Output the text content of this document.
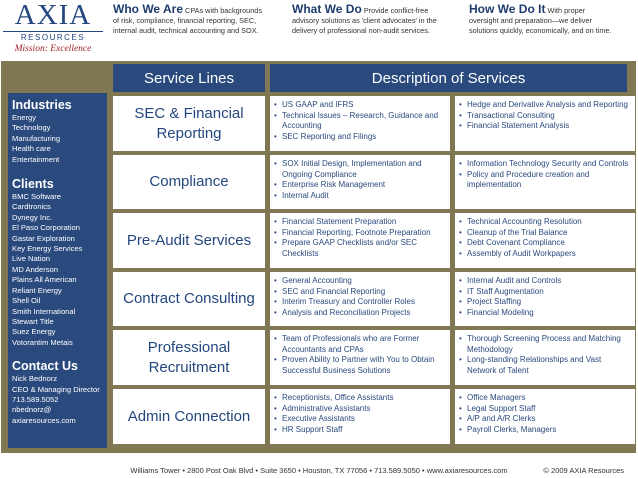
AXIA
RESOURCES
Mission: Excellence
Who We Are CPAs with backgrounds
of risk, compliance, financial reporting, SEC,
internal audit, technical accounting and SOX.
What We Do Provide conflict-free
advisory solutions as 'client advocates' in the
delivery of professional non-audit services.
How We Do It With proper
oversight and preparation—we deliver
solutions quickly, economically, and on time.
Service Lines	Description of Services
Industries
Energy
Technology
Manufacturing
Health care
Entertainment
Clients
BMC Software
Cardtronics
Dynegy Inc.
El Paso Corporation
Gastar Exploration
Key Energy Services
Live Nation
MD Anderson
Plains All American
Reliant Energy
Shell Oil
Smith International
Stewart Title
Suez Energy
Votorantim Metais
Contact Us
Nick Bednorz
CEO & Managing Director
713.589.5052
nbednorz@
axiaresources.com
SEC & Financial
Reporting
• US GAAP and IFRS
• Technical Issues – Research, Guidance and Accounting
• SEC Reporting and Filings
• Hedge and Derivative Analysis and Reporting
• Transactional Consulting
• Financial Statement Analysis
Compliance
• SOX Initial Design, Implementation and Ongoing Compliance
• Enterprise Risk Management
• Internal Audit
• Information Technology Security and Controls
• Policy and Procedure creation and implementation
Pre-Audit Services
• Financial Statement Preparation
• Financial Reporting, Footnote Preparation
• Prepare GAAP Checklists and/or SEC Checklists
• Technical Accounting Resolution
• Cleanup of the Trial Balance
• Debt Covenant Compliance
• Assembly of Audit Workpapers
Contract Consulting
• General Accounting
• SEC and Financial Reporting
• Interim Treasury and Controller Roles
• Analysis and Reconciliation Projects
• Internal Audit and Controls
• IT Staff Augmentation
• Project Staffing
• Financial Modeling
Professional
Recruitment
• Team of Professionals who are Former Accountants and CPAs
• Proven Ability to Partner with You to Obtain Successful Business Solutions
• Thorough Screening Process and Matching Methodology
• Long-standing Relationships and Vast Network of Talent
Admin Connection
• Receptionists, Office Assistants
• Administrative Assistants
• Executive Assistants
• HR Support Staff
• Office Managers
• Legal Support Staff
• A/P and A/R Clerks
• Payroll Clerks, Managers
Williams Tower • 2800 Post Oak Blvd • Suite 3650 • Houston, TX 77056 • 713.589.5050 • www.axiaresources.com	© 2009 AXIA Resources
